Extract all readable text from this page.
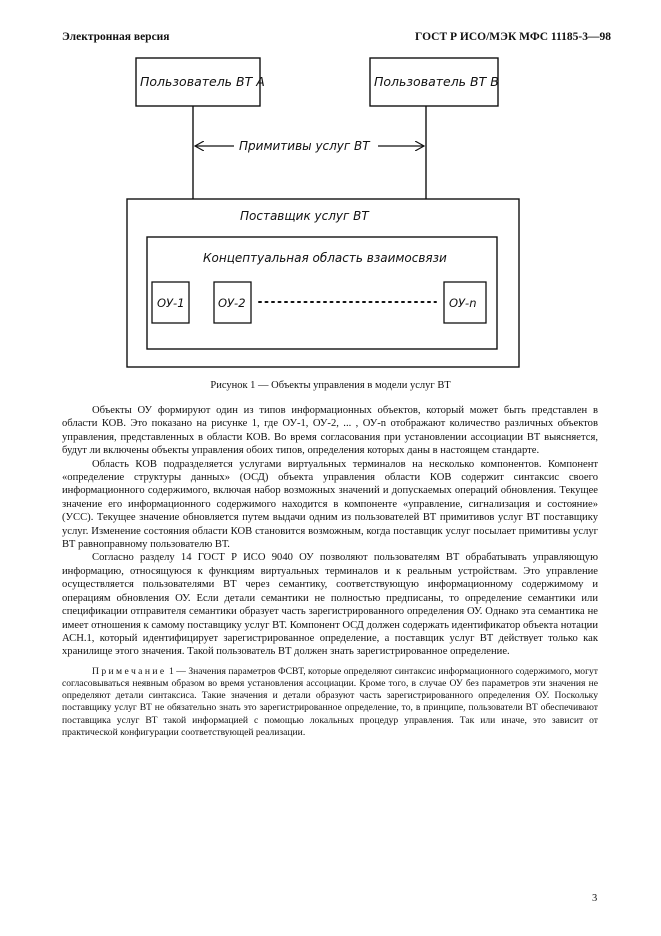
Электронная версия	ГОСТ Р ИСО/МЭК МФС 11185-3—98
Пользователь ВТ А	Пользователь ВТ В
Примитивы услуг ВТ
Поставщик услуг ВТ
Концептуальная область взаимосвязи
ОУ-1	ОУ-2	ОУ-n
Рисунок 1 — Объекты управления в модели услуг ВТ

Объекты ОУ формируют один из типов информационных объектов, который может быть представлен в области КОВ. Это показано на рисунке 1, где ОУ-1, ОУ-2, ... , ОУ-n отображают количество различных объектов управления, представленных в области КОВ. Во время согласования при установлении ассоциации ВТ выясняется, будут ли включены объекты управления обоих типов, определения которых даны в настоящем стандарте.

Область КОВ подразделяется услугами виртуальных терминалов на несколько компонентов. Компонент «определение структуры данных» (ОСД) объекта управления области КОВ содержит синтаксис своего информационного содержимого, включая набор возможных значений и допускаемых операций обновления. Текущее значение его информационного содержимого находится в компоненте «управление, сигнализация и состояние» (УСС). Текущее значение обновляется путем выдачи одним из пользователей ВТ примитивов услуг ВТ поставщику услуг. Изменение состояния области КОВ становится возможным, когда поставщик услуг посылает примитивы услуг ВТ равноправному пользователю ВТ.

Согласно разделу 14 ГОСТ Р ИСО 9040 ОУ позволяют пользователям ВТ обрабатывать управляющую информацию, относящуюся к функциям виртуальных терминалов и к реальным устройствам. Это управление осуществляется пользователями ВТ через семантику, соответствующую информационному содержимому и операциям обновления ОУ. Если детали семантики не полностью предписаны, то определение семантики или спецификации отправителя семантики образует часть зарегистрированного определения ОУ. Однако эта семантика не имеет отношения к самому поставщику услуг ВТ. Компонент ОСД должен содержать идентификатор объекта нотации АСН.1, который идентифицирует зарегистрированное определение, а поставщик услуг ВТ действует только как хранилище этого значения. Такой пользователь ВТ должен знать зарегистрированное определение.

Примечание 1 — Значения параметров ФСВТ, которые определяют синтаксис информационного содержимого, могут согласовываться неявным образом во время установления ассоциации. Кроме того, в случае ОУ без параметров эти значения не определяют детали синтаксиса. Такие значения и детали образуют часть зарегистрированного определения ОУ. Поскольку поставщику услуг ВТ не обязательно знать это зарегистрированное определение, то, в принципе, пользователи ВТ обеспечивают поставщика услуг ВТ такой информацией с помощью локальных процедур управления. Так или иначе, это зависит от практической конфигурации соответствующей реализации.

3
